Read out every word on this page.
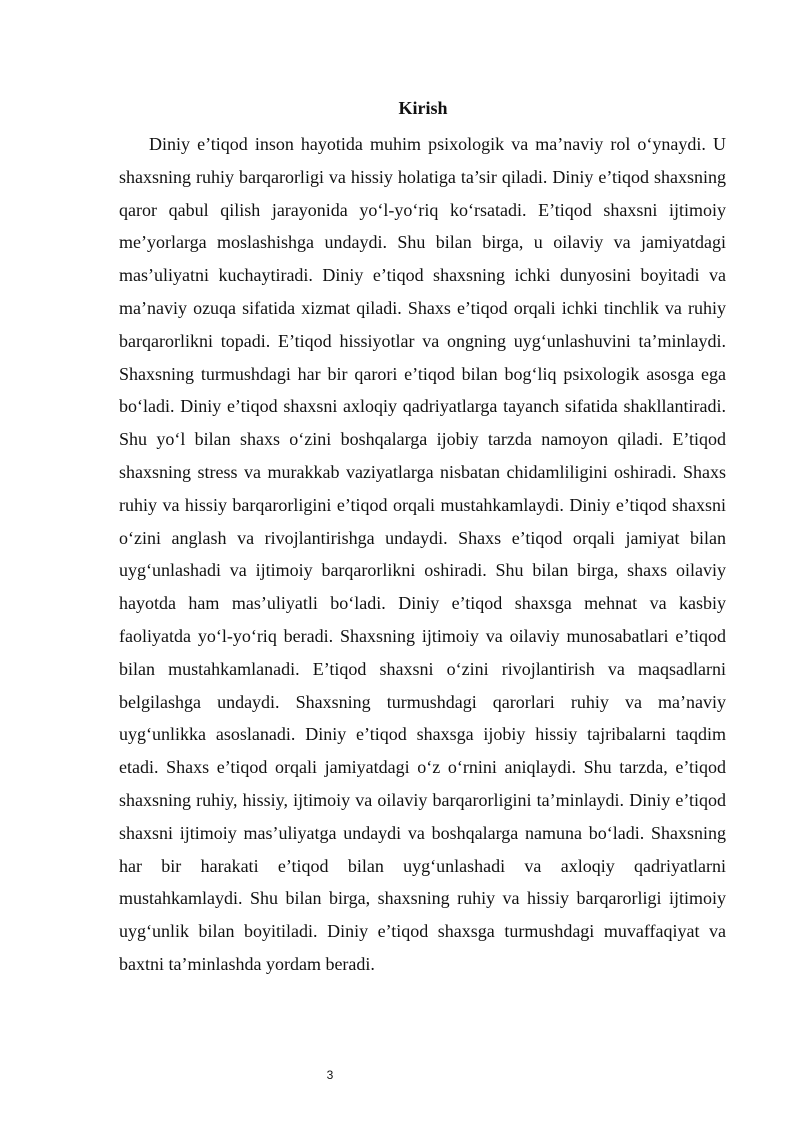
Kirish

Diniy e’tiqod inson hayotida muhim psixologik va ma’naviy rol o‘ynaydi. U shaxsning ruhiy barqarorligi va hissiy holatiga ta’sir qiladi. Diniy e’tiqod shaxsning qaror qabul qilish jarayonida yo‘l-yo‘riq ko‘rsatadi. E’tiqod shaxsni ijtimoiy me’yorlarga moslashishga undaydi. Shu bilan birga, u oilaviy va jamiyatdagi mas’uliyatni kuchaytiradi. Diniy e’tiqod shaxsning ichki dunyosini boyitadi va ma’naviy ozuqa sifatida xizmat qiladi. Shaxs e’tiqod orqali ichki tinchlik va ruhiy barqarorlikni topadi. E’tiqod hissiyotlar va ongning uyg‘unlashuvini ta’minlaydi. Shaxsning turmushdagi har bir qarori e’tiqod bilan bog‘liq psixologik asosga ega bo‘ladi. Diniy e’tiqod shaxsni axloqiy qadriyatlarga tayanch sifatida shakllantiradi. Shu yo‘l bilan shaxs o‘zini boshqalarga ijobiy tarzda namoyon qiladi. E’tiqod shaxsning stress va murakkab vaziyatlarga nisbatan chidamliligini oshiradi. Shaxs ruhiy va hissiy barqarorligini e’tiqod orqali mustahkamlaydi. Diniy e’tiqod shaxsni o‘zini anglash va rivojlantirishga undaydi. Shaxs e’tiqod orqali jamiyat bilan uyg‘unlashadi va ijtimoiy barqarorlikni oshiradi. Shu bilan birga, shaxs oilaviy hayotda ham mas’uliyatli bo‘ladi. Diniy e’tiqod shaxsga mehnat va kasbiy faoliyatda yo‘l-yo‘riq beradi. Shaxsning ijtimoiy va oilaviy munosabatlari e’tiqod bilan mustahkamlanadi. E’tiqod shaxsni o‘zini rivojlantirish va maqsadlarni belgilashga undaydi. Shaxsning turmushdagi qarorlari ruhiy va ma’naviy uyg‘unlikka asoslanadi. Diniy e’tiqod shaxsga ijobiy hissiy tajribalarni taqdim etadi. Shaxs e’tiqod orqali jamiyatdagi o‘z o‘rnini aniqlaydi. Shu tarzda, e’tiqod shaxsning ruhiy, hissiy, ijtimoiy va oilaviy barqarorligini ta’minlaydi. Diniy e’tiqod shaxsni ijtimoiy mas’uliyatga undaydi va boshqalarga namuna bo‘ladi. Shaxsning har bir harakati e’tiqod bilan uyg‘unlashadi va axloqiy qadriyatlarni mustahkamlaydi. Shu bilan birga, shaxsning ruhiy va hissiy barqarorligi ijtimoiy uyg‘unlik bilan boyitiladi. Diniy e’tiqod shaxsga turmushdagi muvaffaqiyat va baxtni ta’minlashda yordam beradi.

3
